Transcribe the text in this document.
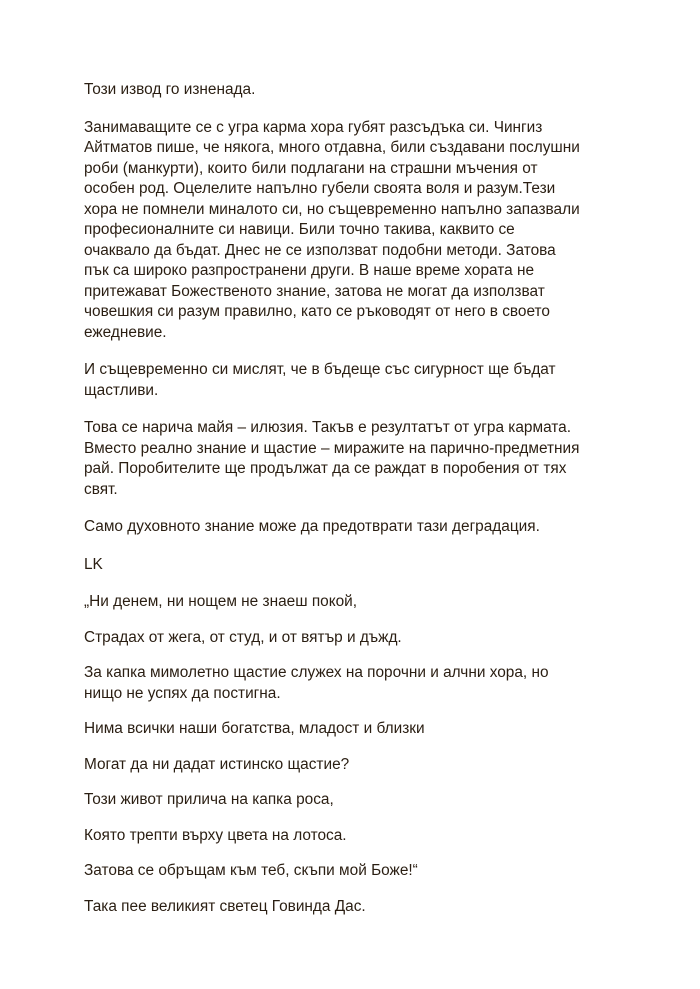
Този извод го изненада.

Занимаващите се с угра карма хора губят разсъдъка си. Чингиз
Айтматов пише, че някога, много отдавна, били създавани послушни
роби (манкурти), които били подлагани на страшни мъчения от
особен род. Оцелелите напълно губели своята воля и разум.Тези
хора не помнели миналото си, но същевременно напълно запазвали
професионалните си навици. Били точно такива, каквито се
очаквало да бъдат. Днес не се използват подобни методи. Затова
пък са широко разпространени други. В наше време хората не
притежават Божественото знание, затова не могат да използват
човешкия си разум правилно, като се ръководят от него в своето
ежедневие.

И същевременно си мислят, че в бъдеще със сигурност ще бъдат
щастливи.

Това се нарича майя – илюзия. Такъв е резултатът от угра кармата.
Вместо реално знание и щастие – миражите на парично-предметния
рай. Поробителите ще продължат да се раждат в поробения от тях
свят.

Само духовното знание може да предотврати тази деградация.

LK

„Ни денем, ни нощем не знаеш покой,

Страдах от жега, от студ, и от вятър и дъжд.

За капка мимолетно щастие служех на порочни и алчни хора, но
нищо не успях да постигна.

Нима всички наши богатства, младост и близки

Могат да ни дадат истинско щастие?

Този живот прилича на капка роса,

Която трепти върху цвета на лотоса.

Затова се обръщам към теб, скъпи мой Боже!“

Така пее великият светец Говинда Дас.
